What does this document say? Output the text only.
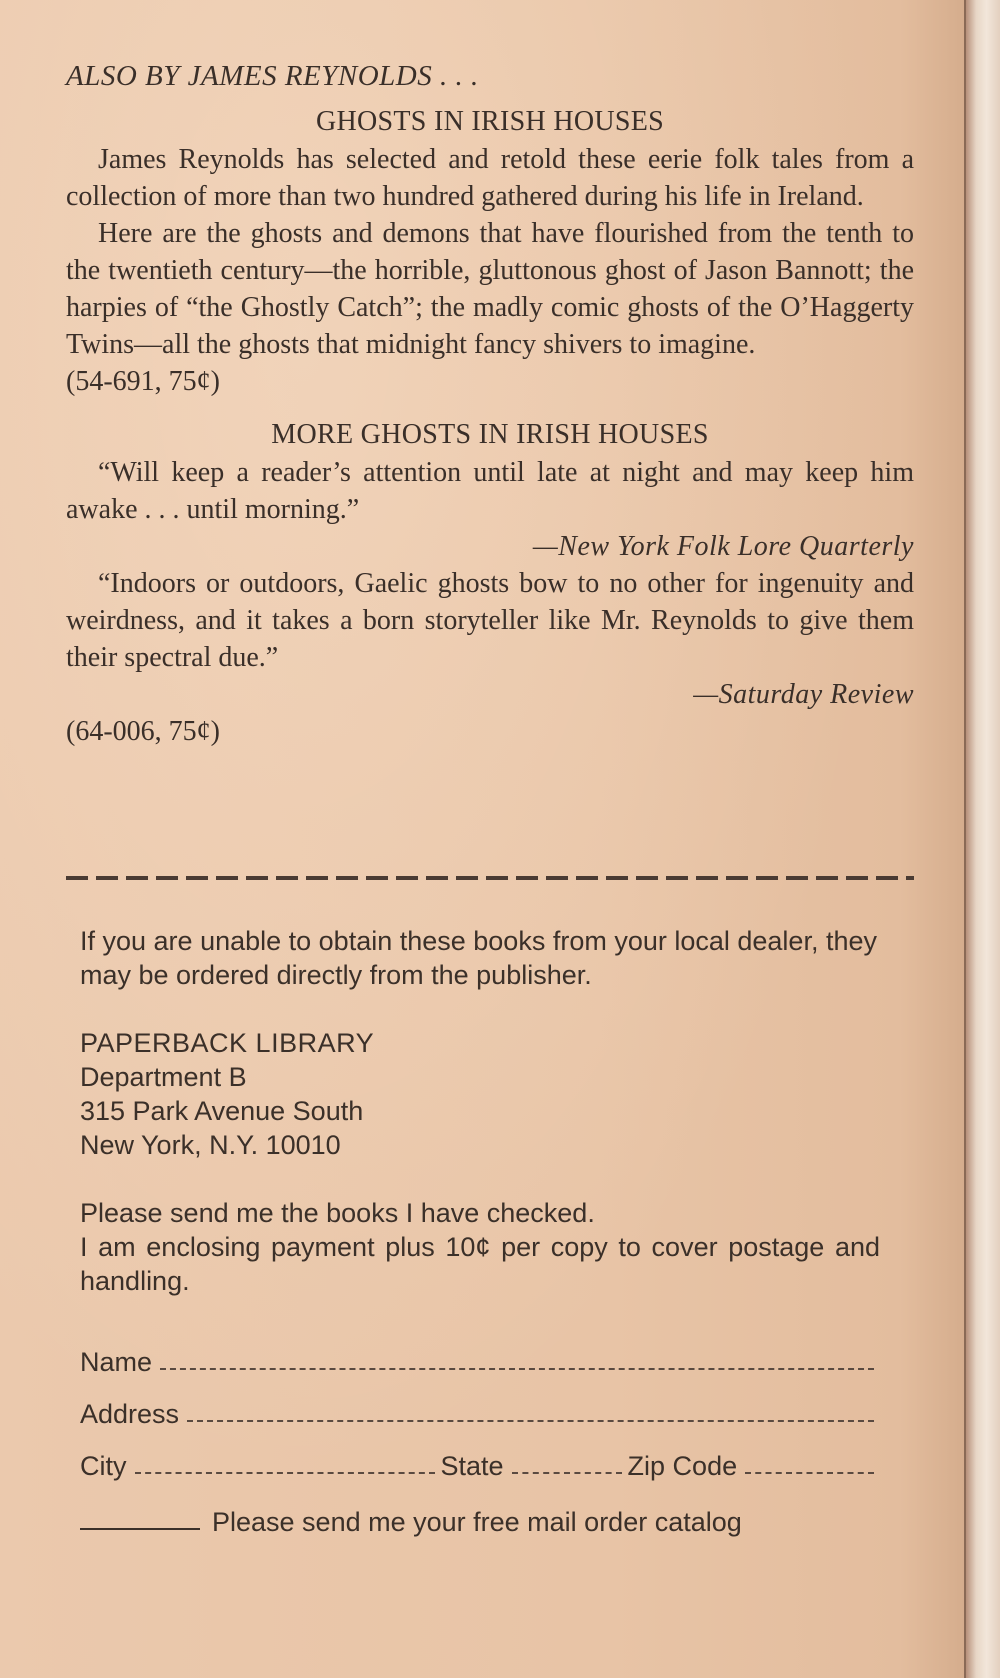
ALSO BY JAMES REYNOLDS . . .

GHOSTS IN IRISH HOUSES

James Reynolds has selected and retold these eerie folk tales from a collection of more than two hundred gathered during his life in Ireland.

Here are the ghosts and demons that have flourished from the tenth to the twentieth century—the horrible, gluttonous ghost of Jason Bannott; the harpies of “the Ghostly Catch”; the madly comic ghosts of the O’Haggerty Twins—all the ghosts that midnight fancy shivers to imagine.

(54-691, 75¢)

MORE GHOSTS IN IRISH HOUSES

“Will keep a reader’s attention until late at night and may keep him awake . . . until morning.”

—New York Folk Lore Quarterly

“Indoors or outdoors, Gaelic ghosts bow to no other for ingenuity and weirdness, and it takes a born storyteller like Mr. Reynolds to give them their spectral due.”

—Saturday Review

(64-006, 75¢)

If you are unable to obtain these books from your local dealer, they may be ordered directly from the publisher.

PAPERBACK LIBRARY

Department B

315 Park Avenue South

New York, N.Y. 10010

Please send me the books I have checked.

I am enclosing payment plus 10¢ per copy to cover postage and handling.

Name
Address
City	State	Zip Code
Please send me your free mail order catalog
